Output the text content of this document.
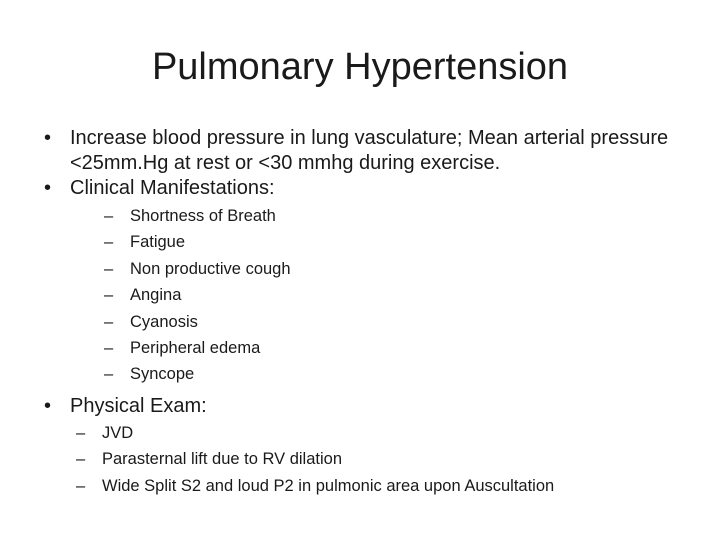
Pulmonary Hypertension

• Increase blood pressure in lung vasculature; Mean arterial pressure <25mm.Hg at rest or <30 mmhg during exercise.

• Clinical Manifestations:

– Shortness of Breath
– Fatigue
– Non productive cough
– Angina
– Cyanosis
– Peripheral edema
– Syncope

• Physical Exam:

– JVD
– Parasternal lift due to RV dilation
– Wide Split S2 and loud P2 in pulmonic area upon Auscultation
